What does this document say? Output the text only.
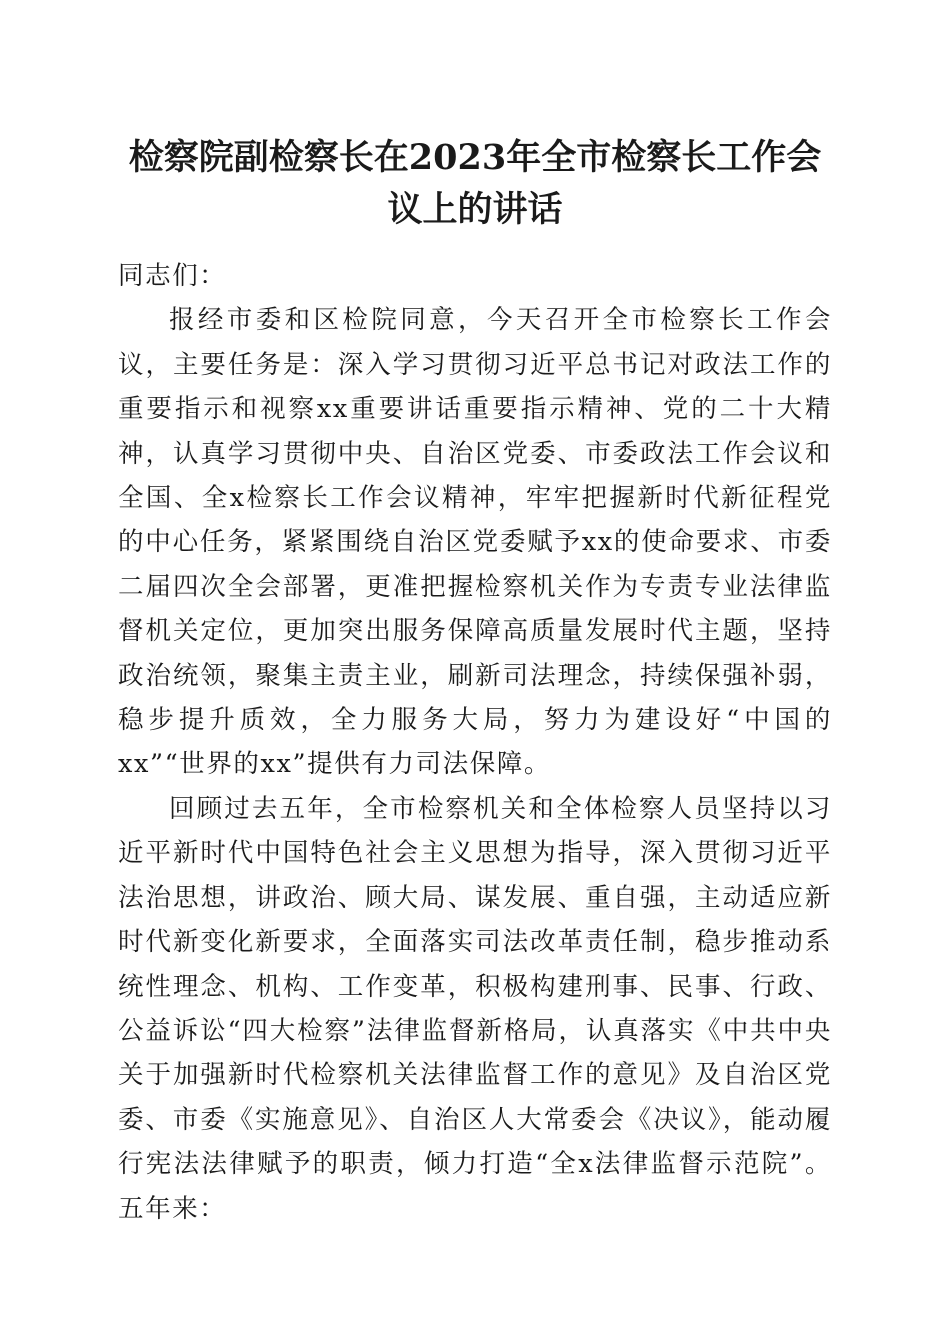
检察院副检察长在2023年全市检察长工作会议上的讲话

同志们：

报经市委和区检院同意，今天召开全市检察长工作会议，主要任务是：深入学习贯彻习近平总书记对政法工作的重要指示和视察xx重要讲话重要指示精神、党的二十大精神，认真学习贯彻中央、自治区党委、市委政法工作会议和全国、全x检察长工作会议精神，牢牢把握新时代新征程党的中心任务，紧紧围绕自治区党委赋予xx的使命要求、市委二届四次全会部署，更准把握检察机关作为专责专业法律监督机关定位，更加突出服务保障高质量发展时代主题，坚持政治统领，聚集主责主业，刷新司法理念，持续保强补弱，稳步提升质效，全力服务大局，努力为建设好“中国的xx”“世界的xx”提供有力司法保障。

回顾过去五年，全市检察机关和全体检察人员坚持以习近平新时代中国特色社会主义思想为指导，深入贯彻习近平法治思想，讲政治、顾大局、谋发展、重自强，主动适应新时代新变化新要求，全面落实司法改革责任制，稳步推动系统性理念、机构、工作变革，积极构建刑事、民事、行政、公益诉讼“四大检察”法律监督新格局，认真落实《中共中央关于加强新时代检察机关法律监督工作的意见》及自治区党委、市委《实施意见》、自治区人大常委会《决议》，能动履行宪法法律赋予的职责，倾力打造“全x法律监督示范院”。五年来：
